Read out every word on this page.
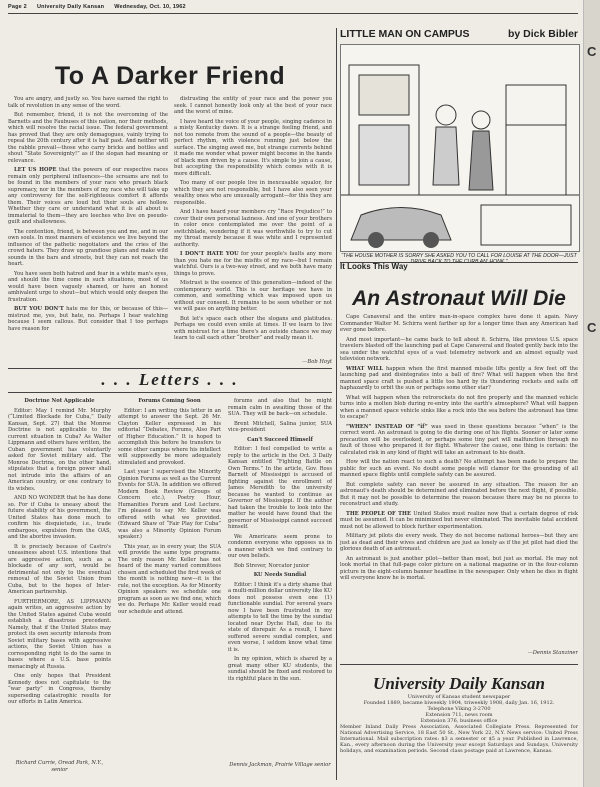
Page 2 University Daily Kansan Wednesday, Oct. 10, 1962
To A Darker Friend

You are angry, and justly so. You have earned the right to talk of revolution in any sense of the word.

But remember, friend, it is not the overcoming of the Barnetts and the Faubuses of this nation, nor their methods, which will resolve the racial issue. The federal government has proved that they are only demagogues, vainly trying to repeal the 20th century after it is half past. And neither will the rabble prevail—those who carry bricks and bottles and shout “State Sovereignty!” as if the slogan had meaning or relevance.

LET US HOPE that the powers of our respective races remain only peripheral influences—the screams are not to be found in the members of your race who preach black supremacy, nor in the members of my race who will take up any controversy for the self-righteous comfort it affords them. Their voices are loud but their souls are hollow. Whether they care or understand what it is all about is immaterial to them—they are leeches who live on pseudo-guilt and shallowness.

The contention, friend, is between you and me, and in our own souls. In most manners of existence we live beyond the influence of the pathetic negotiators and the cries of the crowd haters. They draw up grandiose plans and make wild sounds in the bars and streets, but they can not reach the heart.

You have seen both hatred and fear in a white man's eyes, and should the time come in such situations, most of us would have been vaguely shamed, or have an honest ambivalent urge to shout—but which would only deepen the frustration.

BUT YOU DON'T hate me for this, or because of this—mistrust me, yes, but hate, no. Perhaps I hear watching because I seem callous. But consider that I too perhaps have reason for

distrusting the entity of your race and the power you seek. I cannot honestly look only at the best of your race and the worst of mine.

I have heard the voice of your people, singing cadence in a misty Kentucky dawn. It is a strange feeling friend, and not too remote from the sound of a people—the beauty of perfect rhythm, with violence running just below the surface. The singing awed me, but strange currents behind it made me wonder what power might become in the hands of black men driven by a cause. It's simple to join a cause, but accepting the responsibility which comes with it is more difficult.

Too many of our people live in inexcusable squalor, for which they are not responsible, but I have also seen your wealthy ones who are unusually arrogant—for this they are responsible.

And I have heard your members cry “Race Prejudice!” to cover their own personal laziness. And one of your brothers in color once contemplated me over the point of a switchblade, wondering if it was worthwhile to try to cut my throat merely because it was white and I represented authority.

I DON'T HATE YOU for your people's faults any more than you hate me for the misfits of my race—but I remain watchful. Ours is a two-way street, and we both have many things to prove.

Mistrust is the essence of this generation—indeed of the contemporary world. This is our heritage we have in common, and something which was imposed upon us without our consent. It remains to be seen whether or not we will pass on anything better.

But let's space each other the slogans and platitudes. Perhaps we could even smile at times. If we learn to live with mistrust for a time there's an outside chance we may learn to call each other “brother” and really mean it.

—Bob Hoyt

. . . Letters . . .

Doctrine Not Applicable

Editor: May I remind Mr. Murphy (“Limited Blockade for Cuba,” Daily Kansan, Sept. 27) that the Monroe Doctrine is not applicable to the current situation in Cuba? As Walter Lippmann and others have written, the Cuban government has voluntarily asked for Soviet military aid. The Monroe Doctrine, on the other hand, stipulates that a foreign power shall not intrude into the affairs of an American country, or one contrary to its wishes.

AND NO WONDER that he has done so. For if Cuba is uneasy about the future stability of his government, the United States has done much to confirm his disquietude, i.e., trade embargoes, expulsion from the OAS, and the abortive invasion.

It is precisely because of Castro's uneasiness about U.S. intentions that are aggressive action, such as a blockade of any sort, would be detrimental not only to the eventual removal of the Soviet Union from Cuba, but to the hopes of Inter-American partnership.

FURTHERMORE, AS LIPPMANN again writes, an aggressive action by the United States against Cuba would establish a disastrous precedent. Namely, that if the United States may protect its own security interests from Soviet military bases with aggressive actions, the Soviet Union has a corresponding right to do the same in bases where a U.S. base points menacingly at Russia.

One only hopes that President Kennedy does not capitulate to the “war party” in Congress, thereby superseding catastrophic results for our efforts in Latin America.

Richard Currie, Oread Park, N.Y., senior

Forums Coming Soon

Editor: I am writing this letter in an attempt to answer the Sept. 26 Mr. Clayton Keller expressed in his editorial “Debates, Forums, Also Part of Higher Education.” It is hoped to accomplish this before he transfers to some other campus where his intellect will supposedly be more adequately stimulated and provoked.

Last year I supervised the Minority Opinion Forums as well as the Current Events for SUA. In addition we offered Modern Book Review (Groups of Concern etc.), Poetry Hour, Humanities Forum and Lost Lecture. I'm pleased to say Mr. Keller was offered with what we provided. (Edward Shaw of “Fair Play for Cuba” was also a Minority Opinion Forum speaker.)

This year, as in every year, the SUA will provide the same type programs. The only reason Mr. Keller has not heard of the many varied committees chosen and scheduled the first week of the month is nothing new—it is the rule, not the exception. As for Minority Opinion speakers we schedule one program as soon as we find one, which we do. Perhaps Mr. Keller would read our schedule and attend.

forums and also that he might remain calm in awaiting those of the SUA. They will be back—on schedule.

Brent Mitchell, Salina junior, SUA vice-president

Can't Succeed Himself

Editor: I feel compelled to write a reply to the article in the Oct. 3 Daily Kansan entitled “Fighting Battle on Own Terms.” In the article, Gov. Ross Barnett of Mississippi is accused of fighting against the enrollment of James Meredith to the university because he wanted to continue as Governor of Mississippi. If the author had taken the trouble to look into the matter he would have found that the governor of Mississippi cannot succeed himself.

We Americans seem prone to condemn everyone who opposes us in a manner which we find contrary to our own beliefs.

Bob Strever, Norcator junior

KU Needs Sundial

Editor: I think it's a dirty shame that a multi-million dollar university like KU does not possess even one (1) functionable sundial. For several years now I have been frustrated in my attempts to tell the time by the sundial located near Dyche Hall, due to its state of disrepair. As a result, I have suffered severe sundial complex, and even worse, I seldom know what time it is.

In my opinion, which is shared by a great many other KU students, the sundial should be fixed and restored to its rightful place in the sun.

Dennis Jackman, Prairie Village senior

LITTLE MAN ON CAMPUS	by Dick Bibler
“THE HOUSE MOTHER IS SORRY SHE ASKED YOU TO CALL FOR LOUISE AT THE DOOR—JUST
It Looks This Way
An Astronaut Will Die

Cape Canaveral and the entire man-in-space complex have done it again. Navy Commander Walter M. Schirra went farther up for a longer time than any American had ever gone before.

And most important—he came back to tell about it. Schirra, like previous U.S. space travelers blasted off the launching pad at Cape Canaveral and floated gently back into the sea under the watchful eyes of a vast telemetry network and an almost equally vast television network.

WHAT WILL happen when the first manned missile lifts gently a few feet off the launching pad and disintegrates into a ball of fire? What will happen when the first manned space craft is pushed a little too hard by its thundering rockets and sails off haphazardly to orbit the sun or perhaps some other star?

What will happen when the retrorockets do not fire properly and the manned vehicle turns into a molten blob during re-entry into the earth's atmosphere? What will happen when a manned space vehicle sinks like a rock into the sea before the astronaut has time to escape?

“WHEN” INSTEAD OF “if” was used in these questions because “when” is the correct word. An astronaut is going to die during one of his flights. Sooner or later some precaution will be overlooked, or perhaps some tiny part will malfunction through no fault of those who prepared it for flight. Whatever the cause, one thing is certain: the calculated risk in any kind of flight will take an astronaut to his death.

How will the nation react to such a death? No attempt has been made to prepare the public for such an event. No doubt some people will clamor for the grounding of all manned space flights until complete safety can be assured.

But complete safety can never be assured in any situation. The reason for an astronaut's death should be determined and eliminated before the next flight, if possible. But it may not be possible to determine the reason because there may be no pieces to reconstruct and study.

THE PEOPLE OF THE United States must realize now that a certain degree of risk must be assumed. It can be minimized but never eliminated. The inevitable fatal accident must not be allowed to block further experimentation.

Military jet pilots die every week. They do not become national heroes—but they are just as dead and their wives and children are just as lonely as if the jet pilot had died the glorious death of an astronaut.

An astronaut is just another pilot—better than most, but just as mortal. He may not look mortal in that full-page color picture on a national magazine or in the four-column picture in the eight-column banner headline in the newspaper. Only when he dies in flight will everyone know he is mortal.

—Dennis Stanziner

University Daily Kansan
University of Kansas student newspaper
Founded 1889, became biweekly 1904, triweekly 1908, daily Jan. 16, 1912.
Telephone Viking 3-2700
Extension 711, news room
Extension 376, business office
Member Inland Daily Press Association, Associated Collegiate Press. Represented for National Advertising Service, 18 East 50 St., New York 22, N.Y. News service: United Press International. Mail subscription rates: $3 a semester or $5 a year. Published in Lawrence, Kan., every afternoon during the University year except Saturdays and Sundays, University holidays, and examination periods. Second class postage paid at Lawrence, Kansas.
C
C
